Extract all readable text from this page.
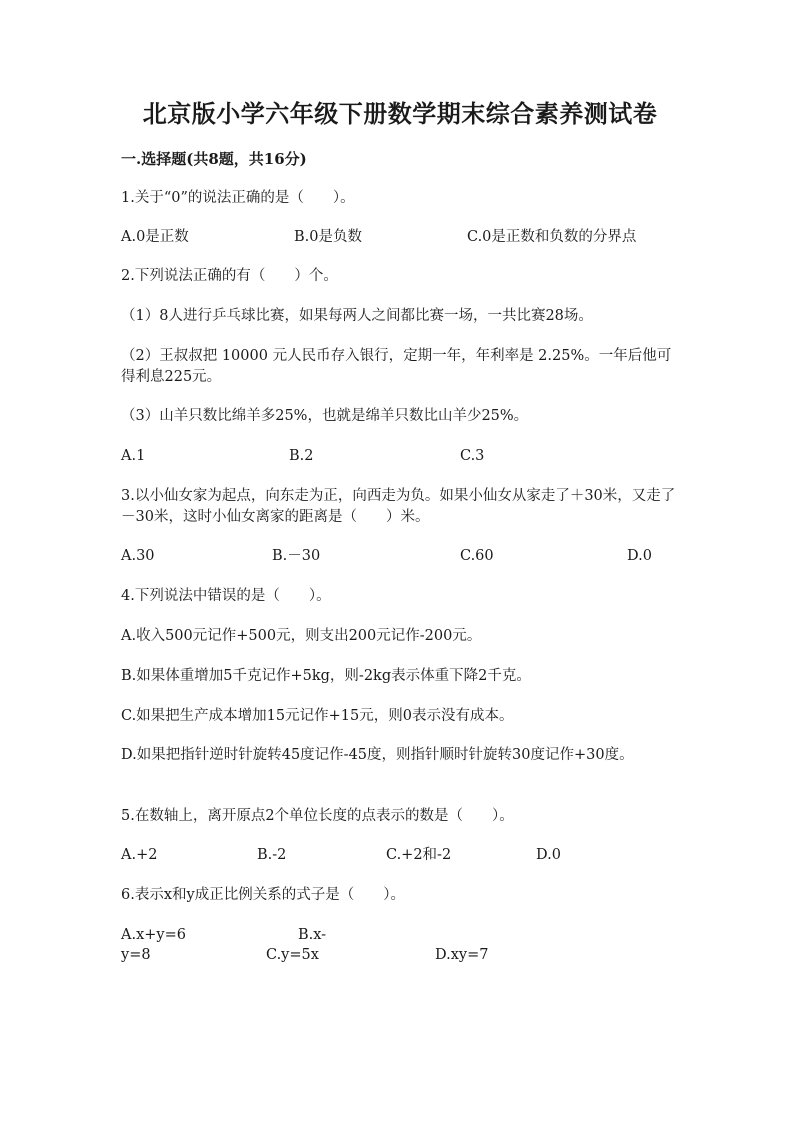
北京版小学六年级下册数学期末综合素养测试卷
一.选择题(共8题，共16分)
1.关于“0”的说法正确的是（　　）。
A.0是正数	B.0是负数	C.0是正数和负数的分界点
2.下列说法正确的有（　　）个。
（1）8人进行乒乓球比赛，如果每两人之间都比赛一场，一共比赛28场。
（2）王叔叔把 10000 元人民币存入银行，定期一年，年利率是 2.25%。一年后他可得利息225元。
（3）山羊只数比绵羊多25%，也就是绵羊只数比山羊少25%。
A.1	B.2	C.3
3.以小仙女家为起点，向东走为正，向西走为负。如果小仙女从家走了＋30米，又走了－30米，这时小仙女离家的距离是（　　）米。
A.30	B.－30	C.60	D.0
4.下列说法中错误的是（　　）。
A.收入500元记作+500元，则支出200元记作-200元。
B.如果体重增加5千克记作+5kg，则-2kg表示体重下降2千克。
C.如果把生产成本增加15元记作+15元，则0表示没有成本。
D.如果把指针逆时针旋转45度记作-45度，则指针顺时针旋转30度记作+30度。
5.在数轴上，离开原点2个单位长度的点表示的数是（　　）。
A.+2	B.-2	C.+2和-2	D.0
6.表示x和y成正比例关系的式子是（　　）。
A.x+y=6	B.x-
y=8	C.y=5x	D.xy=7
